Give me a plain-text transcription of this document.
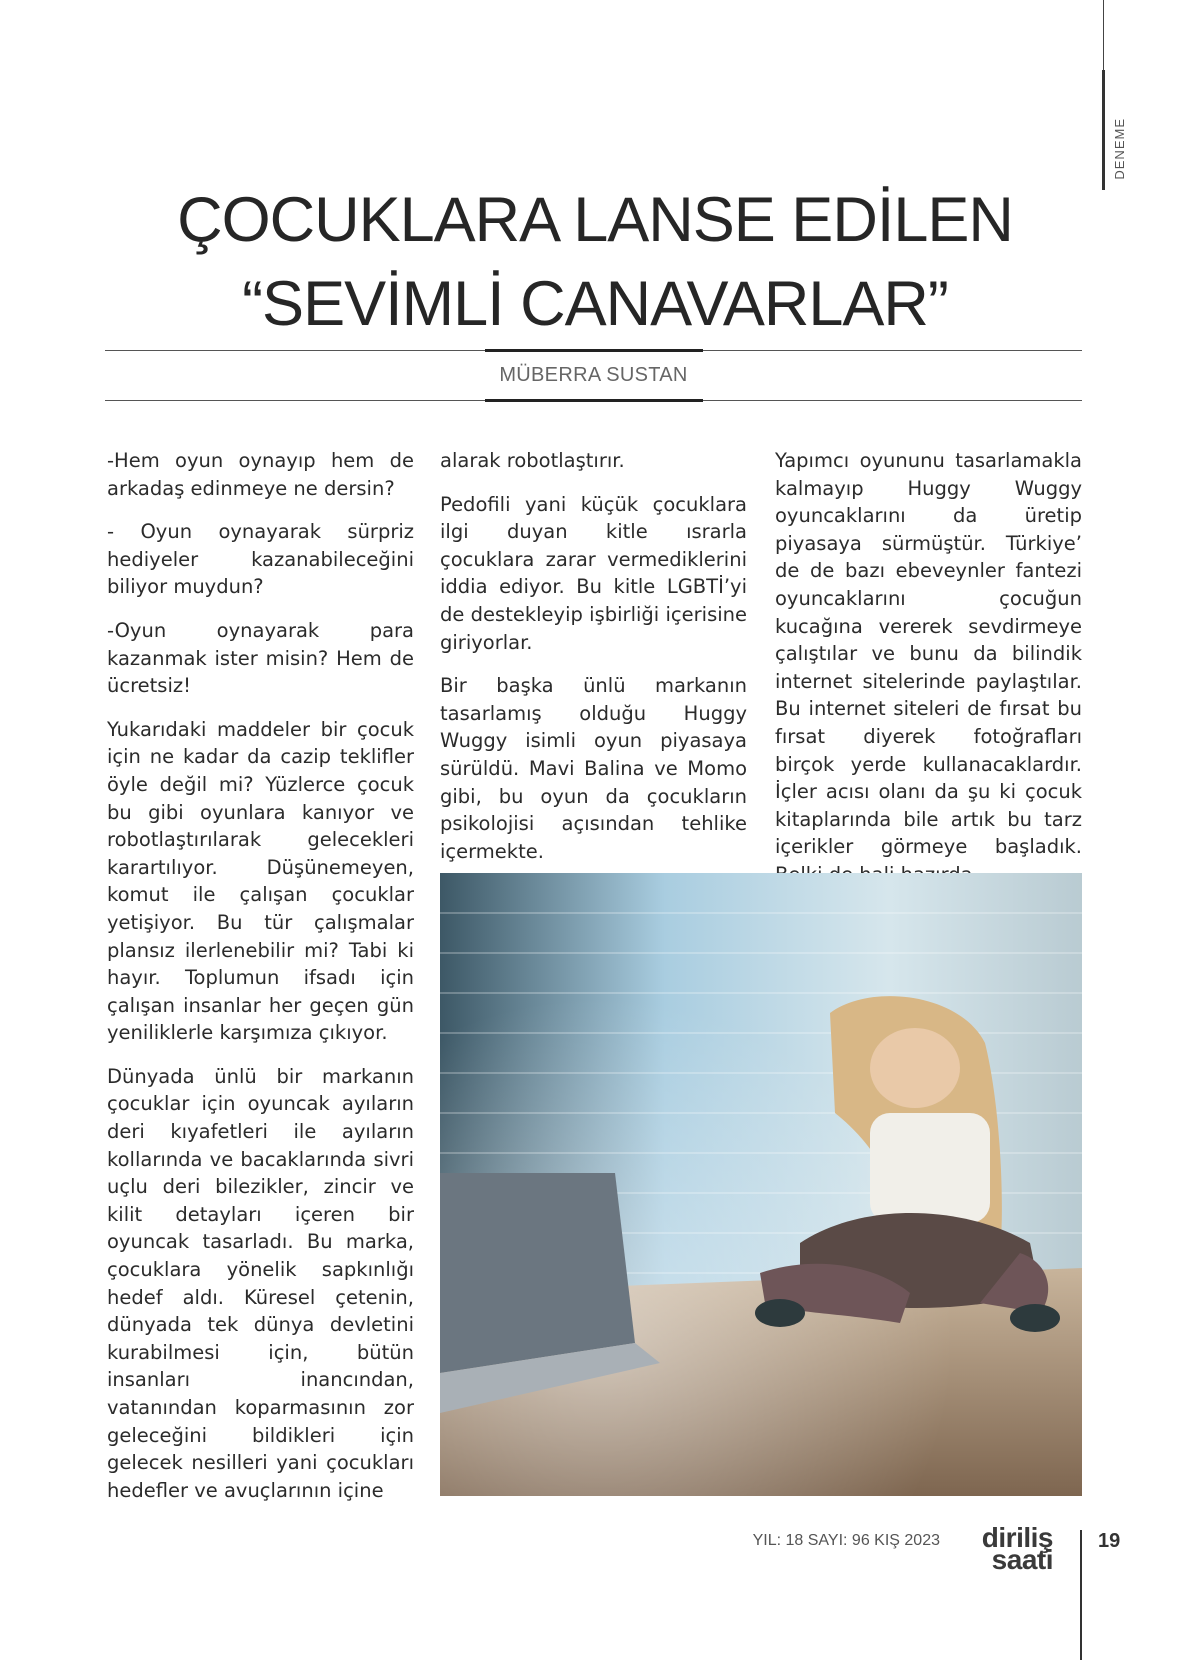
DENEME
ÇOCUKLARA LANSE EDİLEN
“SEVİMLİ CANAVARLAR”
MÜBERRA SUSTAN

-Hem oyun oynayıp hem de arkadaş edinmeye ne dersin?

- Oyun oynayarak sürpriz hediyeler kazanabileceğini biliyor muydun?

-Oyun oynayarak para kazanmak ister misin? Hem de ücretsiz!

Yukarıdaki maddeler bir çocuk için ne kadar da cazip teklifler öyle değil mi? Yüzlerce çocuk bu gibi oyunlara kanıyor ve robotlaştırılarak gelecekleri karartılıyor. Düşünemeyen, komut ile çalışan çocuklar yetişiyor. Bu tür çalışmalar plansız ilerlenebilir mi? Tabi ki hayır. Toplumun ifsadı için çalışan insanlar her geçen gün yeniliklerle karşımıza çıkıyor.

Dünyada ünlü bir markanın çocuklar için oyuncak ayıların deri kıyafetleri ile ayıların kollarında ve bacaklarında sivri uçlu deri bilezikler, zincir ve kilit detayları içeren bir oyuncak tasarladı. Bu marka, çocuklara yönelik sapkınlığı hedef aldı. Küresel çetenin, dünyada tek dünya devletini kurabilmesi için, bütün insanları inancından, vatanından koparmasının zor geleceğini bildikleri için gelecek nesilleri yani çocukları hedefler ve avuçlarının içine

alarak robotlaştırır.

Pedofili yani küçük çocuklara ilgi duyan kitle ısrarla çocuklara zarar vermediklerini iddia ediyor. Bu kitle LGBTİ’yi de destekleyip işbirliği içerisine giriyorlar.

Bir başka ünlü markanın tasarlamış olduğu Huggy Wuggy isimli oyun piyasaya sürüldü. Mavi Balina ve Momo gibi, bu oyun da çocukların psikolojisi açısından tehlike içermekte.

Yapımcı oyununu tasarlamakla kalmayıp Huggy Wuggy oyuncaklarını da üretip piyasaya sürmüştür. Türkiye’ de de bazı ebeveynler fantezi oyuncaklarını çocuğun kucağına vererek sevdirmeye çalıştılar ve bunu da bilindik internet sitelerinde paylaştılar. Bu internet siteleri de fırsat bu fırsat diyerek fotoğrafları birçok yerde kullanacaklardır. İçler acısı olanı da şu ki çocuk kitaplarında bile artık bu tarz içerikler görmeye başladık.

YIL: 18 SAYI: 96 KIŞ 2023	diriliş
saati
19
